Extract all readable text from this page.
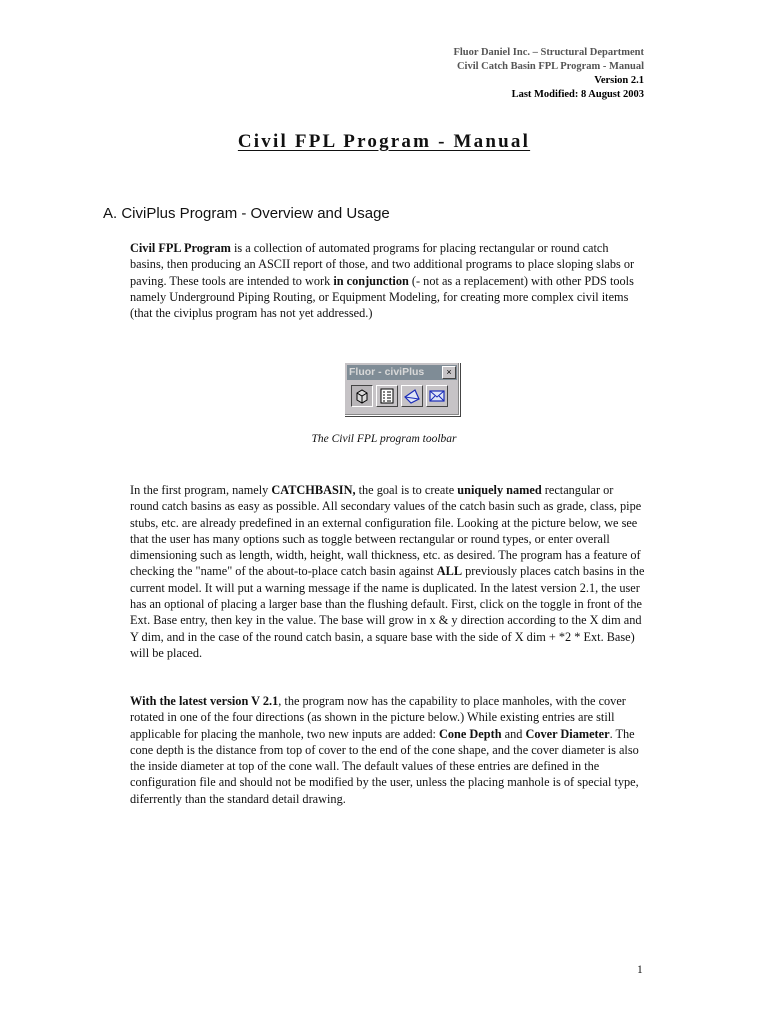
Fluor Daniel Inc. – Structural Department
Civil Catch Basin FPL Program - Manual
Version 2.1
Last Modified: 8 August 2003
Civil FPL Program - Manual
A. CiviPlus Program - Overview and Usage

Civil FPL Program is a collection of automated programs for placing rectangular or round catch basins, then producing an ASCII report of those, and two additional programs to place sloping slabs or paving. These tools are intended to work in conjunction (- not as a replacement) with other PDS tools namely Underground Piping Routing, or Equipment Modeling, for creating more complex civil items (that the civiplus program has not yet addressed.)

Fluor - civiPlus	×
The Civil FPL program toolbar

In the first program, namely CATCHBASIN, the goal is to create uniquely named rectangular or round catch basins as easy as possible. All secondary values of the catch basin such as grade, class, pipe stubs, etc. are already predefined in an external configuration file. Looking at the picture below, we see that the user has many options such as toggle between rectangular or round types, or enter overall dimensioning such as length, width, height, wall thickness, etc. as desired. The program has a feature of checking the "name" of the about-to-place catch basin against ALL previously places catch basins in the current model. It will put a warning message if the name is duplicated. In the latest version 2.1, the user has an optional of placing a larger base than the flushing default. First, click on the toggle in front of the Ext. Base entry, then key in the value. The base will grow in x & y direction according to the X dim and Y dim, and in the case of the round catch basin, a square base with the side of X dim + *2 * Ext. Base) will be placed.

With the latest version V 2.1, the program now has the capability to place manholes, with the cover rotated in one of the four directions (as shown in the picture below.) While existing entries are still applicable for placing the manhole, two new inputs are added: Cone Depth and Cover Diameter. The cone depth is the distance from top of cover to the end of the cone shape, and the cover diameter is also the inside diameter at top of the cone wall. The default values of these entries are defined in the configuration file and should not be modified by the user, unless the placing manhole is of special type, diferrently than the standard detail drawing.

1
